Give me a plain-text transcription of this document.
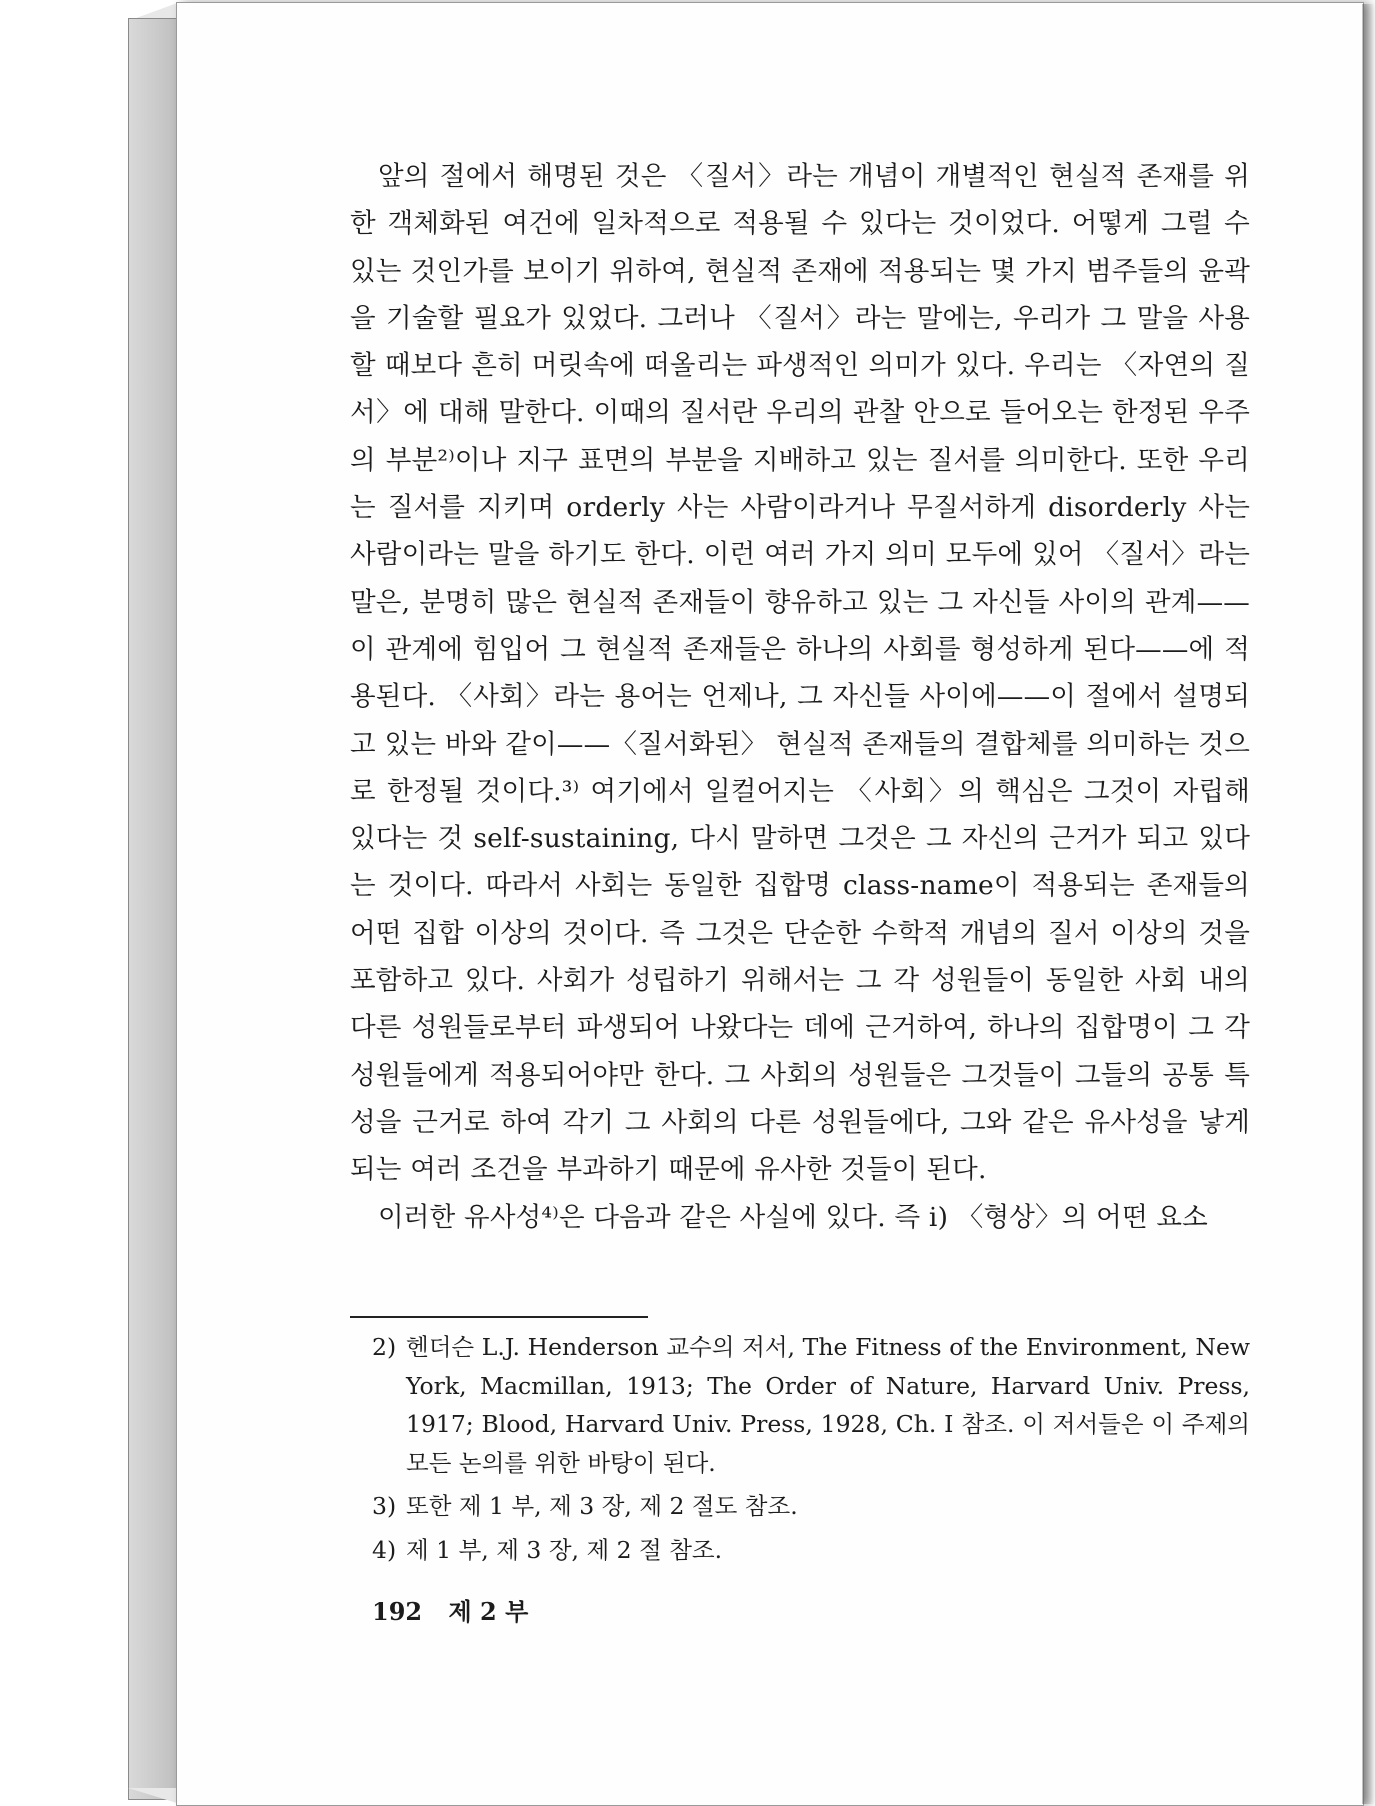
앞의 절에서 해명된 것은 〈질서〉라는 개념이 개별적인 현실적 존재를 위한 객체화된 여건에 일차적으로 적용될 수 있다는 것이었다. 어떻게 그럴 수 있는 것인가를 보이기 위하여, 현실적 존재에 적용되는 몇 가지 범주들의 윤곽을 기술할 필요가 있었다. 그러나 〈질서〉라는 말에는, 우리가 그 말을 사용할 때보다 흔히 머릿속에 떠올리는 파생적인 의미가 있다. 우리는 〈자연의 질서〉에 대해 말한다. 이때의 질서란 우리의 관찰 안으로 들어오는 한정된 우주의 부분²⁾이나 지구 표면의 부분을 지배하고 있는 질서를 의미한다. 또한 우리는 질서를 지키며 orderly 사는 사람이라거나 무질서하게 disorderly 사는 사람이라는 말을 하기도 한다. 이런 여러 가지 의미 모두에 있어 〈질서〉라는 말은, 분명히 많은 현실적 존재들이 향유하고 있는 그 자신들 사이의 관계——이 관계에 힘입어 그 현실적 존재들은 하나의 사회를 형성하게 된다——에 적용된다. 〈사회〉라는 용어는 언제나, 그 자신들 사이에——이 절에서 설명되고 있는 바와 같이——〈질서화된〉 현실적 존재들의 결합체를 의미하는 것으로 한정될 것이다.³⁾ 여기에서 일컬어지는 〈사회〉의 핵심은 그것이 자립해 있다는 것 self-sustaining, 다시 말하면 그것은 그 자신의 근거가 되고 있다는 것이다. 따라서 사회는 동일한 집합명 class-name이 적용되는 존재들의 어떤 집합 이상의 것이다. 즉 그것은 단순한 수학적 개념의 질서 이상의 것을 포함하고 있다. 사회가 성립하기 위해서는 그 각 성원들이 동일한 사회 내의 다른 성원들로부터 파생되어 나왔다는 데에 근거하여, 하나의 집합명이 그 각 성원들에게 적용되어야만 한다. 그 사회의 성원들은 그것들이 그들의 공통 특성을 근거로 하여 각기 그 사회의 다른 성원들에다, 그와 같은 유사성을 낳게 되는 여러 조건을 부과하기 때문에 유사한 것들이 된다.

이러한 유사성⁴⁾은 다음과 같은 사실에 있다. 즉 i) 〈형상〉의 어떤 요소

2) 헨더슨 L.J. Henderson 교수의 저서, The Fitness of the Environment, New York, Macmillan, 1913; The Order of Nature, Harvard Univ. Press, 1917; Blood, Harvard Univ. Press, 1928, Ch. Ⅰ 참조. 이 저서들은 이 주제의 모든 논의를 위한 바탕이 된다.
3) 또한 제 1 부, 제 3 장, 제 2 절도 참조.
4) 제 1 부, 제 3 장, 제 2 절 참조.
192 제 2 부
